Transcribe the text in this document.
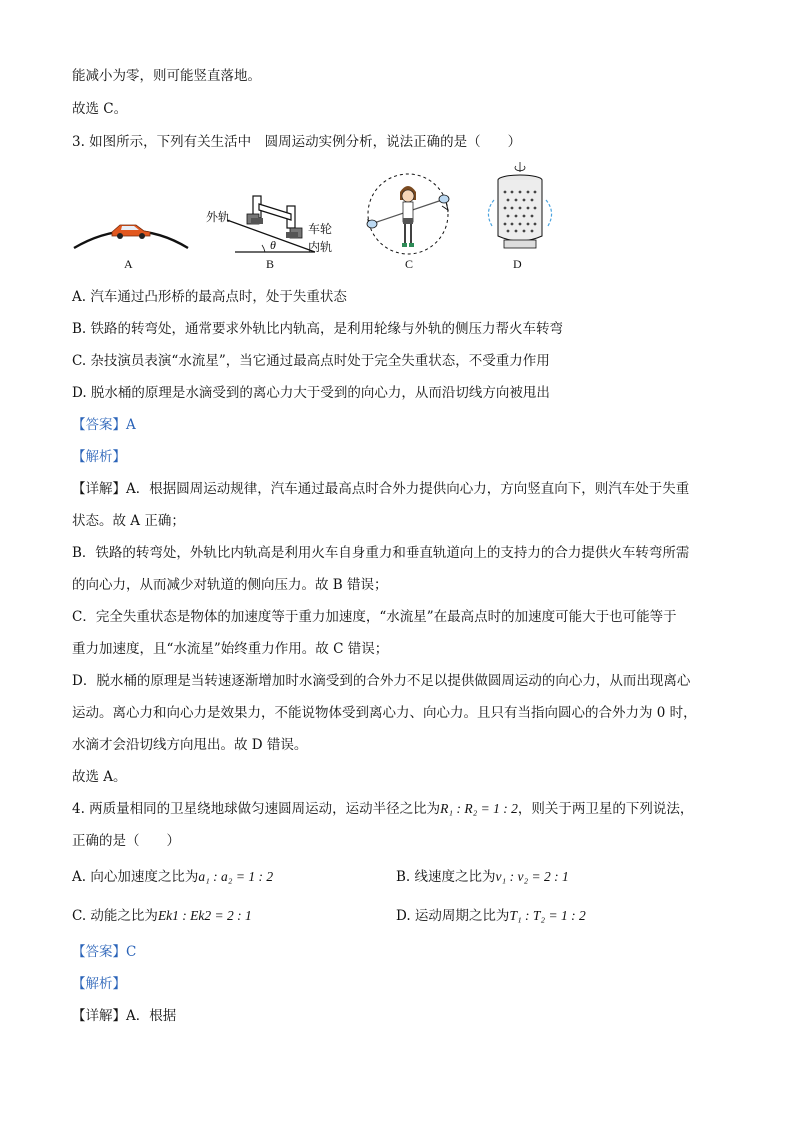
能减小为零，则可能竖直落地。
故选 C。
3. 如图所示，下列有关生活中　圆周运动实例分析，说法正确的是（　　）
A
外轨
车轮
内轨
θ
B	C	D
A. 汽车通过凸形桥的最高点时，处于失重状态
B. 铁路的转弯处，通常要求外轨比内轨高，是利用轮缘与外轨的侧压力帮火车转弯
C. 杂技演员表演“水流星”，当它通过最高点时处于完全失重状态，不受重力作用
D. 脱水桶的原理是水滴受到的离心力大于受到的向心力，从而沿切线方向被甩出
【答案】A
【解析】
【详解】A．根据圆周运动规律，汽车通过最高点时合外力提供向心力，方向竖直向下，则汽车处于失重
状态。故 A 正确；
B．铁路的转弯处，外轨比内轨高是利用火车自身重力和垂直轨道向上的支持力的合力提供火车转弯所需
的向心力，从而减少对轨道的侧向压力。故 B 错误；
C．完全失重状态是物体的加速度等于重力加速度，“水流星”在最高点时的加速度可能大于也可能等于
重力加速度，且“水流星”始终重力作用。故 C 错误；
D．脱水桶的原理是当转速逐渐增加时水滴受到的合外力不足以提供做圆周运动的向心力，从而出现离心
运动。离心力和向心力是效果力，不能说物体受到离心力、向心力。且只有当指向圆心的合外力为 0 时，
水滴才会沿切线方向甩出。故 D 错误。
故选 A。
4. 两质量相同的卫星绕地球做匀速圆周运动，运动半径之比为R₁ : R₂ = 1 : 2，则关于两卫星的下列说法，
正确的是（　　）
A. 向心加速度之比为a₁ : a₂ = 1 : 2	B. 线速度之比为v₁ : v₂ = 2 : 1
C. 动能之比为Ek1 : Ek2 = 2 : 1	D. 运动周期之比为T₁ : T₂ = 1 : 2
【答案】C
【解析】
【详解】A．根据
